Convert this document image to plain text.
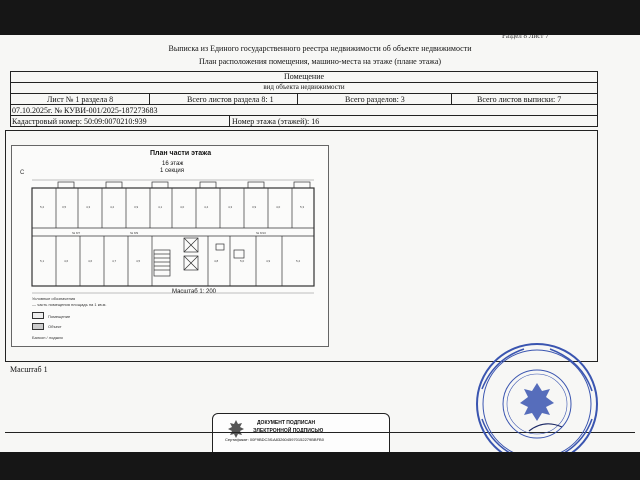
Раздел 8 Лист 7
Выписка из Единого государственного реестра недвижимости об объекте недвижимости
План расположения помещения, машино-места на этаже (плане этажа)
Помещение
вид объекта недвижимости
Лист № 1 раздела 8	Всего листов раздела 8: 1	Всего разделов: 3	Всего листов выписки: 7
07.10.2025г. № КУВИ-001/2025-187273683
Кадастровый номер: 50:09:0070210:939	Номер этажа (этажей): 16
План части этажа
16 этаж
1 секция
Масштаб 1: 200
С
5,2	3,5	4,3	4,2	3,9	4,1	4,0	4,4	4,3	3,9	4,0	5,3
5,1	4,6	4,6	4,7	4,5	4,8	5,0	4,9	5,2
№ 8/7	№ 8/9	№ 8/10
Условные обозначения
— часть помещения площадь на 1 кв.м.
Помещение
Объект
Балкон / лоджия
Масштаб 1
ДОКУМЕНТ ПОДПИСАН
ЭЛЕКТРОННОЙ ПОДПИСЬЮ
Сертификат: 00F9BDC3f1A8326045970152279BBFB0
